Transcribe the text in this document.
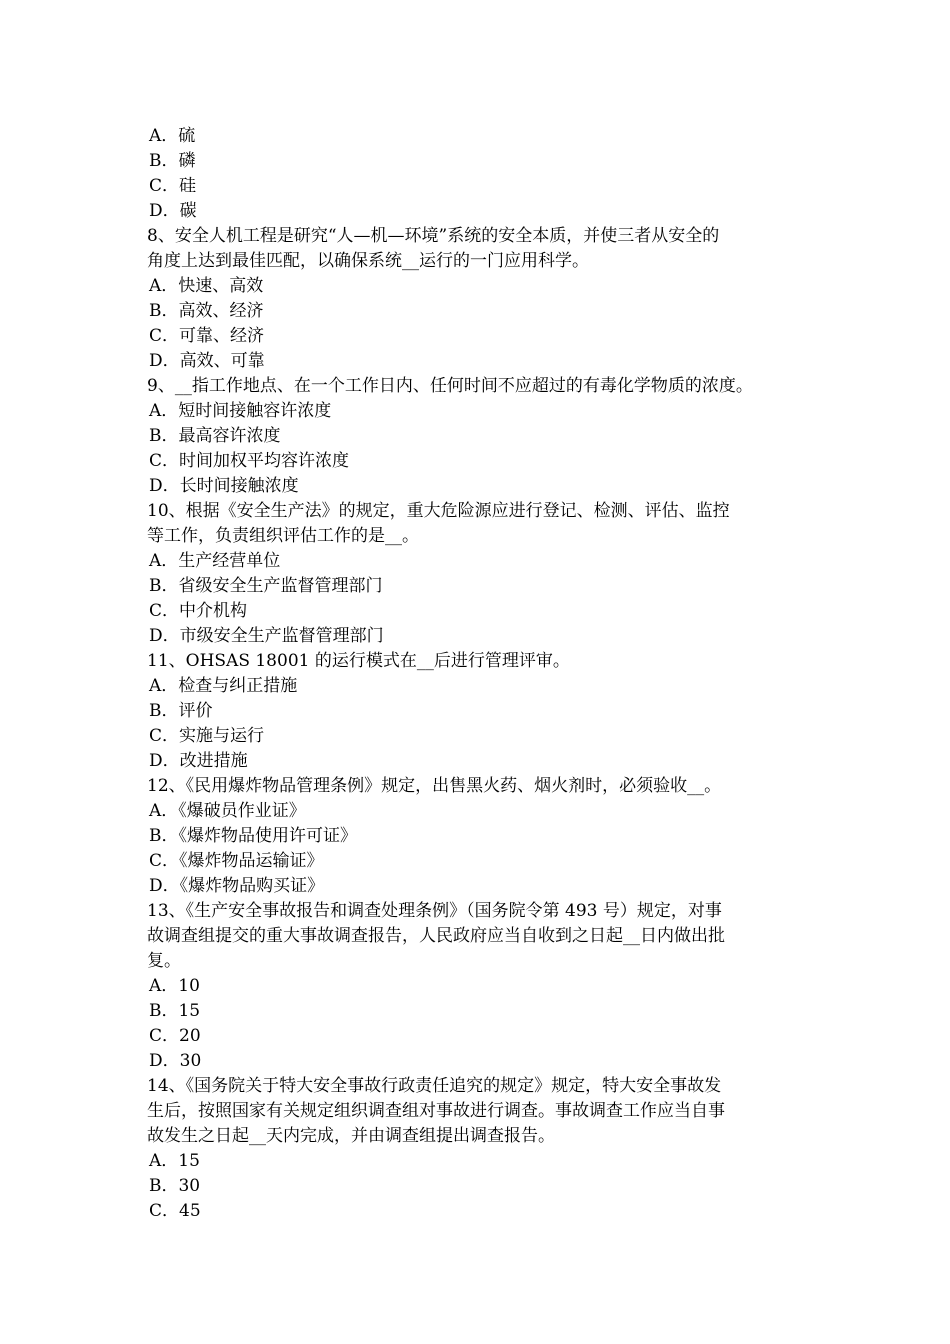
A．硫
B．磷
C．硅
D．碳
8、安全人机工程是研究“人—机—环境”系统的安全本质，并使三者从安全的
角度上达到最佳匹配，以确保系统__运行的一门应用科学。
A．快速、高效
B．高效、经济
C．可靠、经济
D．高效、可靠
9、__指工作地点、在一个工作日内、任何时间不应超过的有毒化学物质的浓度。
A．短时间接触容许浓度
B．最高容许浓度
C．时间加权平均容许浓度
D．长时间接触浓度
10、根据《安全生产法》的规定，重大危险源应进行登记、检测、评估、监控
等工作，负责组织评估工作的是__。
A．生产经营单位
B．省级安全生产监督管理部门
C．中介机构
D．市级安全生产监督管理部门
11、OHSAS 18001 的运行模式在__后进行管理评审。
A．检查与纠正措施
B．评价
C．实施与运行
D．改进措施
12、《民用爆炸物品管理条例》规定，出售黑火药、烟火剂时，必须验收__。
A．《爆破员作业证》
B．《爆炸物品使用许可证》
C．《爆炸物品运输证》
D．《爆炸物品购买证》
13、《生产安全事故报告和调查处理条例》（国务院令第 493 号）规定，对事
故调查组提交的重大事故调查报告，人民政府应当自收到之日起__日内做出批
复。
A．10
B．15
C．20
D．30
14、《国务院关于特大安全事故行政责任追究的规定》规定，特大安全事故发
生后，按照国家有关规定组织调查组对事故进行调查。事故调查工作应当自事
故发生之日起__天内完成，并由调查组提出调查报告。
A．15
B．30
C．45
